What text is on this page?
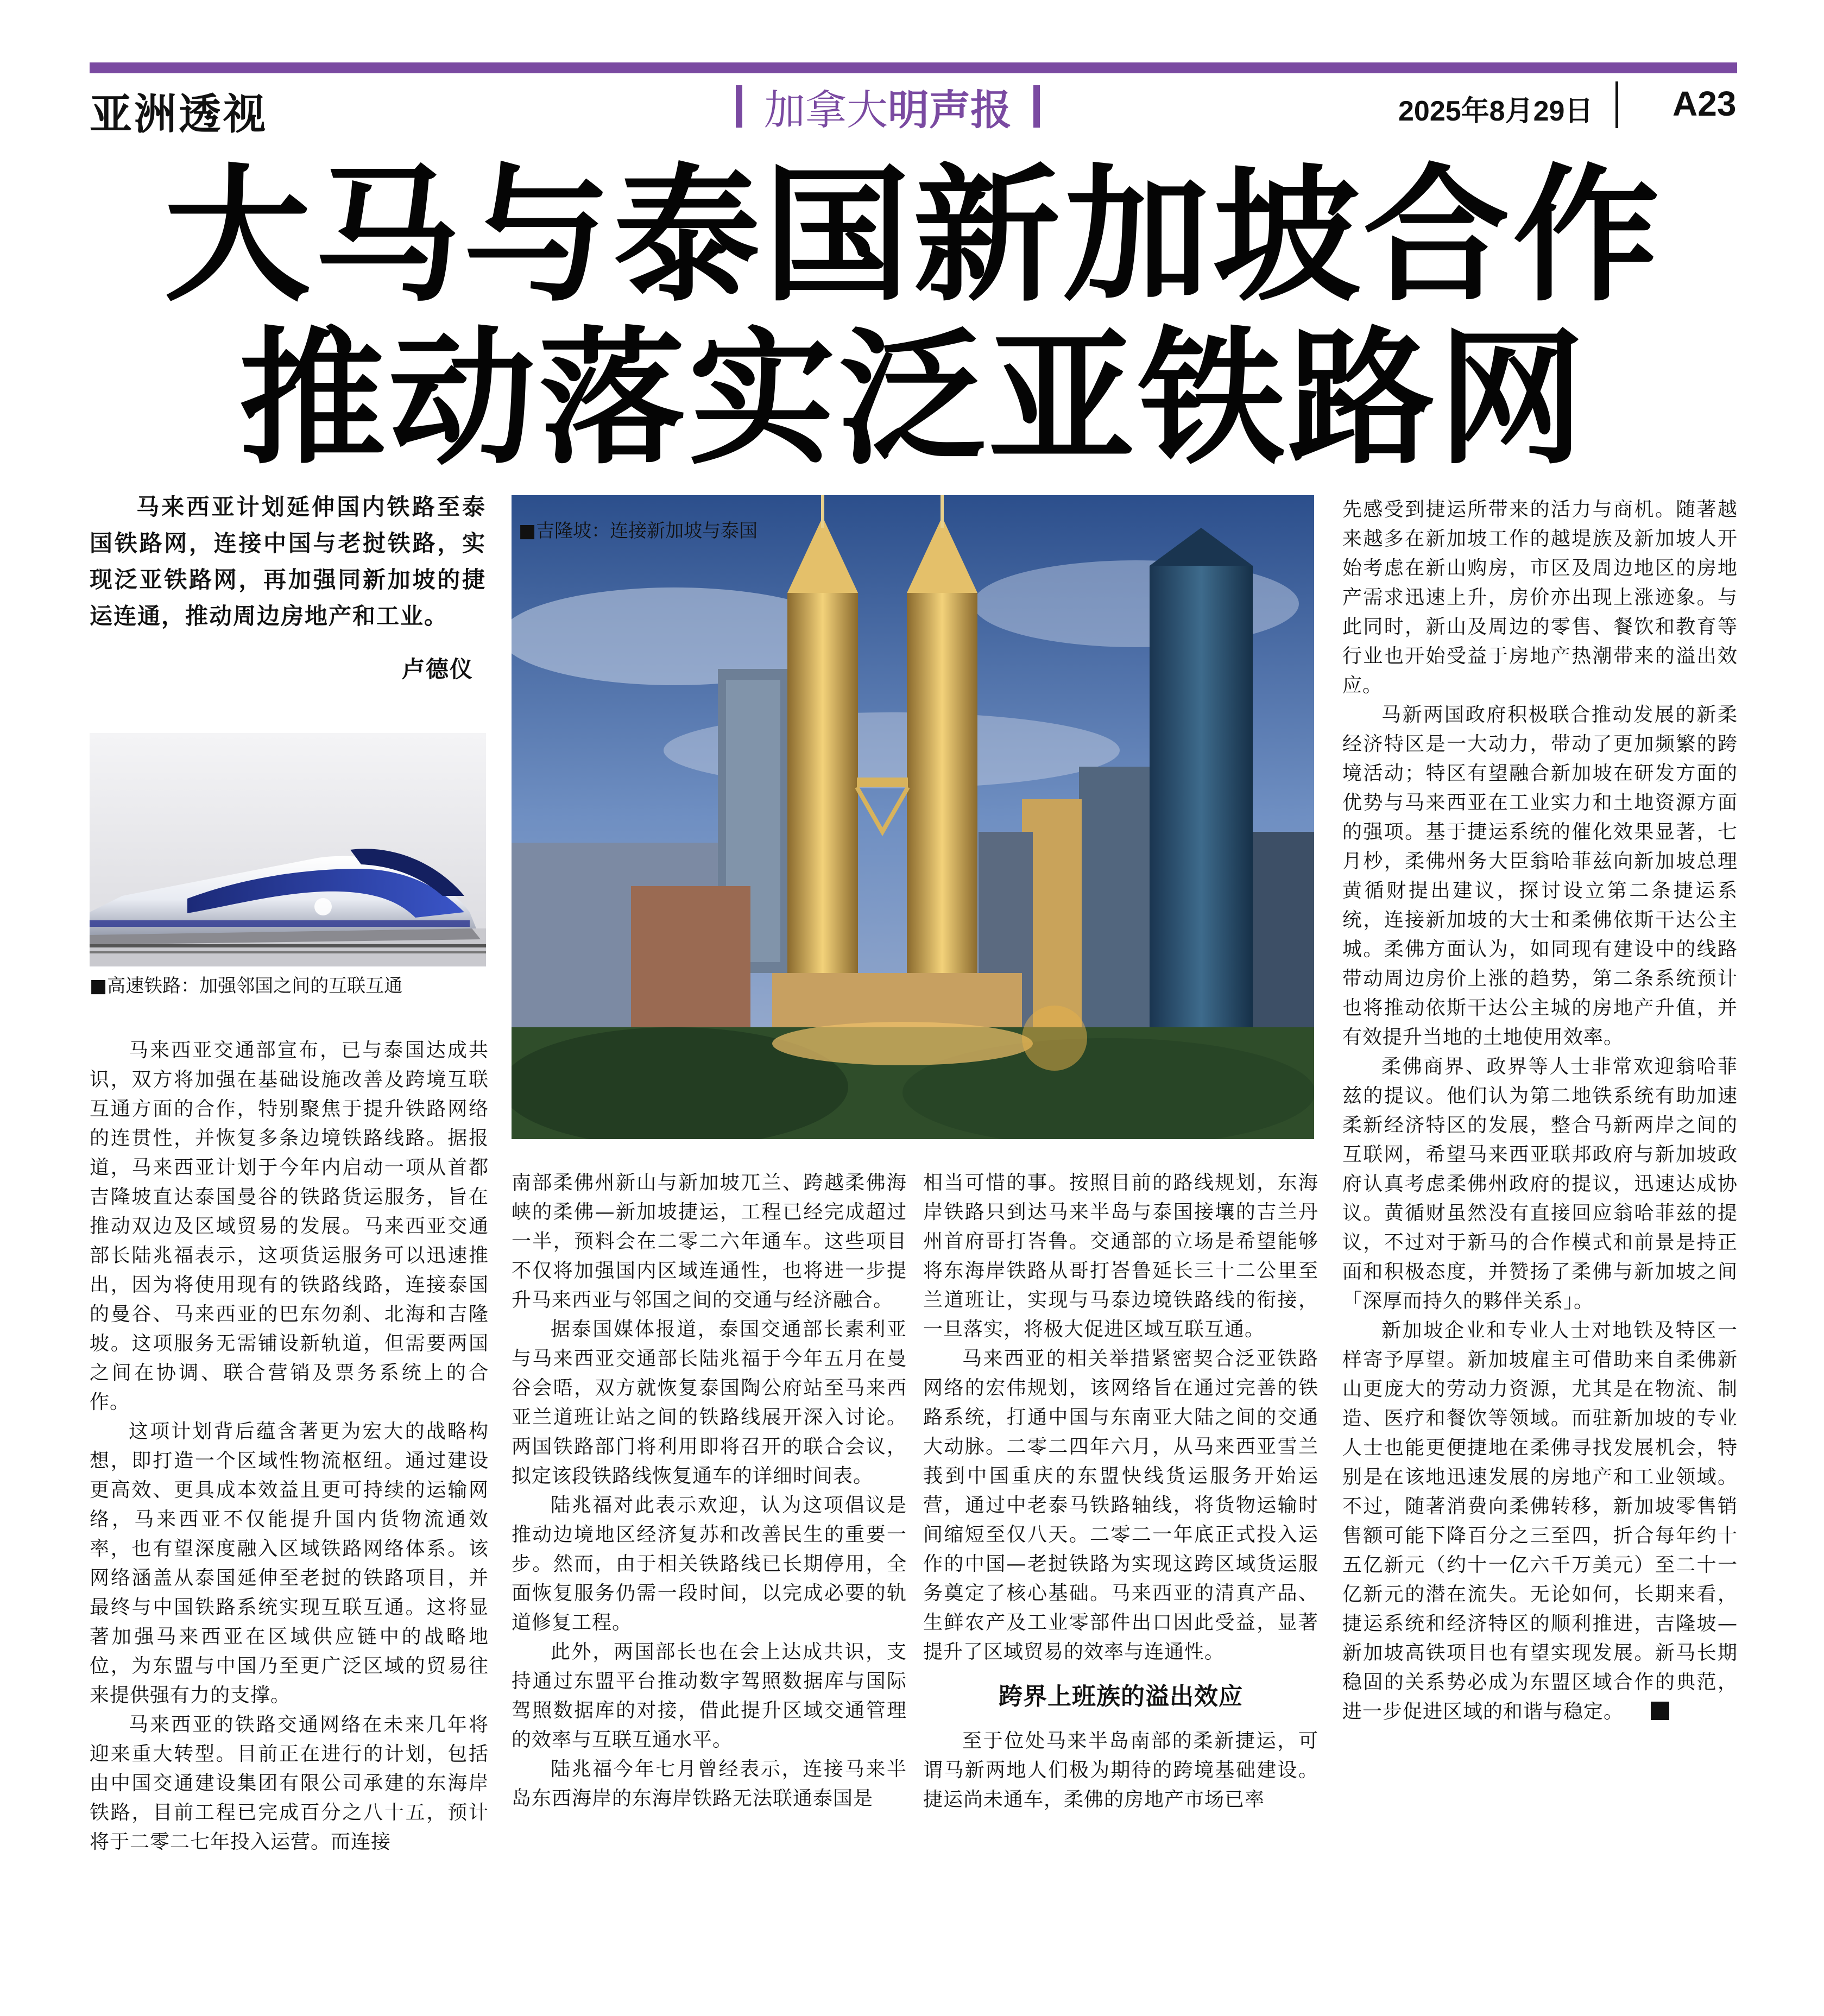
亚洲透视	加拿大明声报	2025年8月29日 A23
大马与泰国新加坡合作
推动落实泛亚铁路网
马来西亚计划延伸国内铁路至泰国铁路网，连接中国与老挝铁路，实现泛亚铁路网，再加强同新加坡的捷运连通，推动周边房地产和工业。
卢德仪
■高速铁路：加强邻国之间的互联互通
■吉隆坡：连接新加坡与泰国

马来西亚交通部宣布，已与泰国达成共识，双方将加强在基础设施改善及跨境互联互通方面的合作，特别聚焦于提升铁路网络的连贯性，并恢复多条边境铁路线路。据报道，马来西亚计划于今年内启动一项从首都吉隆坡直达泰国曼谷的铁路货运服务，旨在推动双边及区域贸易的发展。马来西亚交通部长陆兆福表示，这项货运服务可以迅速推出，因为将使用现有的铁路线路，连接泰国的曼谷、马来西亚的巴东勿刹、北海和吉隆坡。这项服务无需铺设新轨道，但需要两国之间在协调、联合营销及票务系统上的合作。

这项计划背后蕴含著更为宏大的战略构想，即打造一个区域性物流枢纽。通过建设更高效、更具成本效益且更可持续的运输网络，马来西亚不仅能提升国内货物流通效率，也有望深度融入区域铁路网络体系。该网络涵盖从泰国延伸至老挝的铁路项目，并最终与中国铁路系统实现互联互通。这将显著加强马来西亚在区域供应链中的战略地位，为东盟与中国乃至更广泛区域的贸易往来提供强有力的支撑。

马来西亚的铁路交通网络在未来几年将迎来重大转型。目前正在进行的计划，包括由中国交通建设集团有限公司承建的东海岸铁路，目前工程已完成百分之八十五，预计将于二零二七年投入运营。而连接

南部柔佛州新山与新加坡兀兰、跨越柔佛海峡的柔佛—新加坡捷运，工程已经完成超过一半，预料会在二零二六年通车。这些项目不仅将加强国内区域连通性，也将进一步提升马来西亚与邻国之间的交通与经济融合。

据泰国媒体报道，泰国交通部长素利亚与马来西亚交通部长陆兆福于今年五月在曼谷会晤，双方就恢复泰国陶公府站至马来西亚兰道班让站之间的铁路线展开深入讨论。两国铁路部门将利用即将召开的联合会议，拟定该段铁路线恢复通车的详细时间表。

陆兆福对此表示欢迎，认为这项倡议是推动边境地区经济复苏和改善民生的重要一步。然而，由于相关铁路线已长期停用，全面恢复服务仍需一段时间，以完成必要的轨道修复工程。

此外，两国部长也在会上达成共识，支持通过东盟平台推动数字驾照数据库与国际驾照数据库的对接，借此提升区域交通管理的效率与互联互通水平。

陆兆福今年七月曾经表示，连接马来半岛东西海岸的东海岸铁路无法联通泰国是

相当可惜的事。按照目前的路线规划，东海岸铁路只到达马来半岛与泰国接壤的吉兰丹州首府哥打峇鲁。交通部的立场是希望能够将东海岸铁路从哥打峇鲁延长三十二公里至兰道班让，实现与马泰边境铁路线的衔接，一旦落实，将极大促进区域互联互通。

马来西亚的相关举措紧密契合泛亚铁路网络的宏伟规划，该网络旨在通过完善的铁路系统，打通中国与东南亚大陆之间的交通大动脉。二零二四年六月，从马来西亚雪兰莪到中国重庆的东盟快线货运服务开始运营，通过中老泰马铁路轴线，将货物运输时间缩短至仅八天。二零二一年底正式投入运作的中国—老挝铁路为实现这跨区域货运服务奠定了核心基础。马来西亚的清真产品、生鲜农产及工业零部件出口因此受益，显著提升了区域贸易的效率与连通性。

跨界上班族的溢出效应

至于位处马来半岛南部的柔新捷运，可谓马新两地人们极为期待的跨境基础建设。捷运尚未通车，柔佛的房地产市场已率

先感受到捷运所带来的活力与商机。随著越来越多在新加坡工作的越堤族及新加坡人开始考虑在新山购房，市区及周边地区的房地产需求迅速上升，房价亦出现上涨迹象。与此同时，新山及周边的零售、餐饮和教育等行业也开始受益于房地产热潮带来的溢出效应。

马新两国政府积极联合推动发展的新柔经济特区是一大动力，带动了更加频繁的跨境活动；特区有望融合新加坡在研发方面的优势与马来西亚在工业实力和土地资源方面的强项。基于捷运系统的催化效果显著，七月杪，柔佛州务大臣翁哈菲兹向新加坡总理黄循财提出建议，探讨设立第二条捷运系统，连接新加坡的大士和柔佛依斯干达公主城。柔佛方面认为，如同现有建设中的线路带动周边房价上涨的趋势，第二条系统预计也将推动依斯干达公主城的房地产升值，并有效提升当地的土地使用效率。

柔佛商界、政界等人士非常欢迎翁哈菲兹的提议。他们认为第二地铁系统有助加速柔新经济特区的发展，整合马新两岸之间的互联网，希望马来西亚联邦政府与新加坡政府认真考虑柔佛州政府的提议，迅速达成协议。黄循财虽然没有直接回应翁哈菲兹的提议，不过对于新马的合作模式和前景是持正面和积极态度，并赞扬了柔佛与新加坡之间「深厚而持久的夥伴关系」。

新加坡企业和专业人士对地铁及特区一样寄予厚望。新加坡雇主可借助来自柔佛新山更庞大的劳动力资源，尤其是在物流、制造、医疗和餐饮等领域。而驻新加坡的专业人士也能更便捷地在柔佛寻找发展机会，特别是在该地迅速发展的房地产和工业领域。不过，随著消费向柔佛转移，新加坡零售销售额可能下降百分之三至四，折合每年约十五亿新元（约十一亿六千万美元）至二十一亿新元的潜在流失。无论如何，长期来看，捷运系统和经济特区的顺利推进，吉隆坡—新加坡高铁项目也有望实现发展。新马长期稳固的关系势必成为东盟区域合作的典范，进一步促进区域的和谐与稳定。
